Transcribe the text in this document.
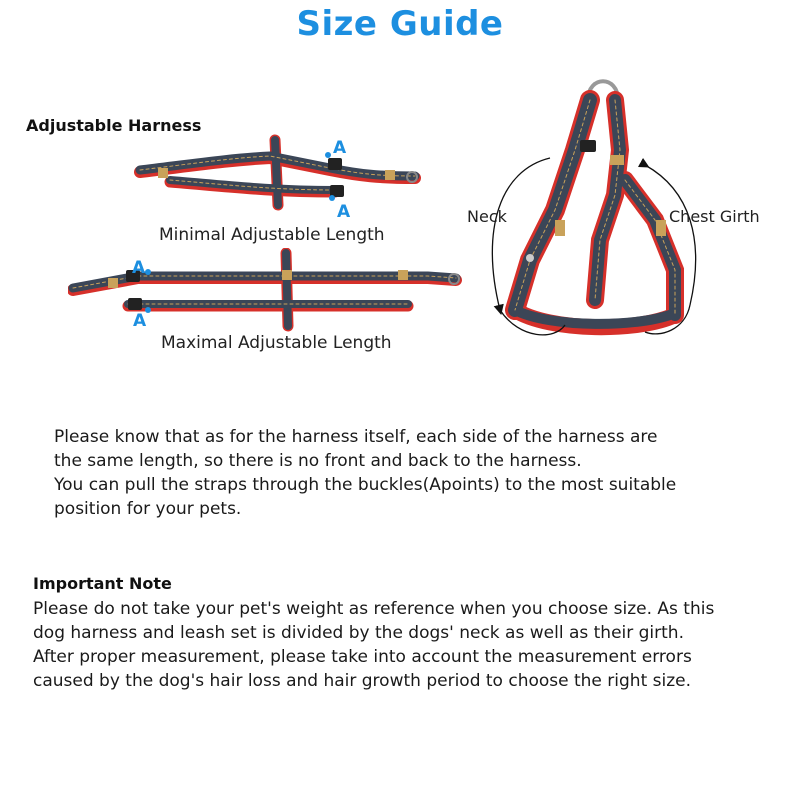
Size Guide
Adjustable Harness
A
A
Minimal Adjustable Length
A
A
Maximal Adjustable Length
Neck	Chest Girth
Please know that as for the harness itself, each side of the harness are
the same length, so there is no front and back to the harness.
You can pull the straps through the buckles(Apoints) to the most suitable
position for your pets.
Important Note
Please do not take your pet's weight as reference when you choose size. As this
dog harness and leash set is divided by the dogs' neck as well as their girth.
After proper measurement, please take into account the measurement errors
caused by the dog's hair loss and hair growth period to choose the right size.
